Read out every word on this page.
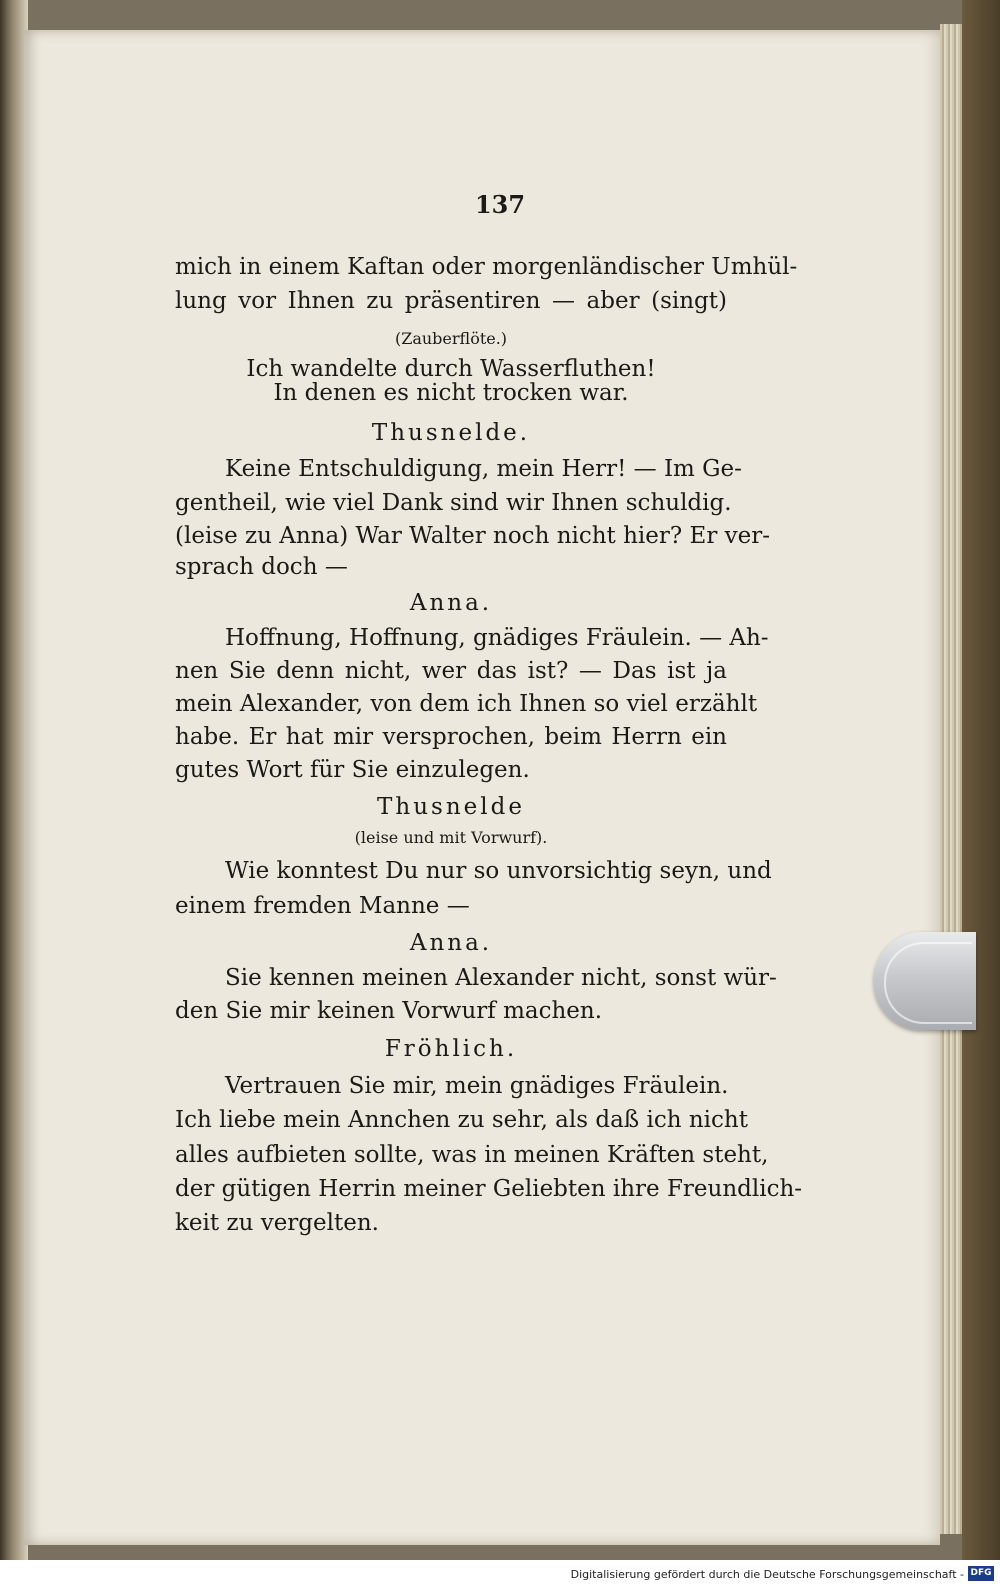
137
mich in einem Kaftan oder morgenländischer Umhül-
lung vor Ihnen zu präsentiren — aber (singt)
(Zauberflöte.)
Ich wandelte durch Wasserfluthen!
In denen es nicht trocken war.
Thusnelde.
Keine Entschuldigung, mein Herr! — Im Ge-
gentheil, wie viel Dank sind wir Ihnen schuldig.
(leise zu Anna) War Walter noch nicht hier? Er ver-
sprach doch —
Anna.
Hoffnung, Hoffnung, gnädiges Fräulein. — Ah-
nen Sie denn nicht, wer das ist? — Das ist ja
mein Alexander, von dem ich Ihnen so viel erzählt
habe. Er hat mir versprochen, beim Herrn ein
gutes Wort für Sie einzulegen.
Thusnelde
(leise und mit Vorwurf).
Wie konntest Du nur so unvorsichtig seyn, und
einem fremden Manne —
Anna.
Sie kennen meinen Alexander nicht, sonst wür-
den Sie mir keinen Vorwurf machen.
Fröhlich.
Vertrauen Sie mir, mein gnädiges Fräulein.
Ich liebe mein Annchen zu sehr, als daß ich nicht
alles aufbieten sollte, was in meinen Kräften steht,
der gütigen Herrin meiner Geliebten ihre Freundlich-
keit zu vergelten.
Digitalisierung gefördert durch die Deutsche Forschungsgemeinschaft - DFG
